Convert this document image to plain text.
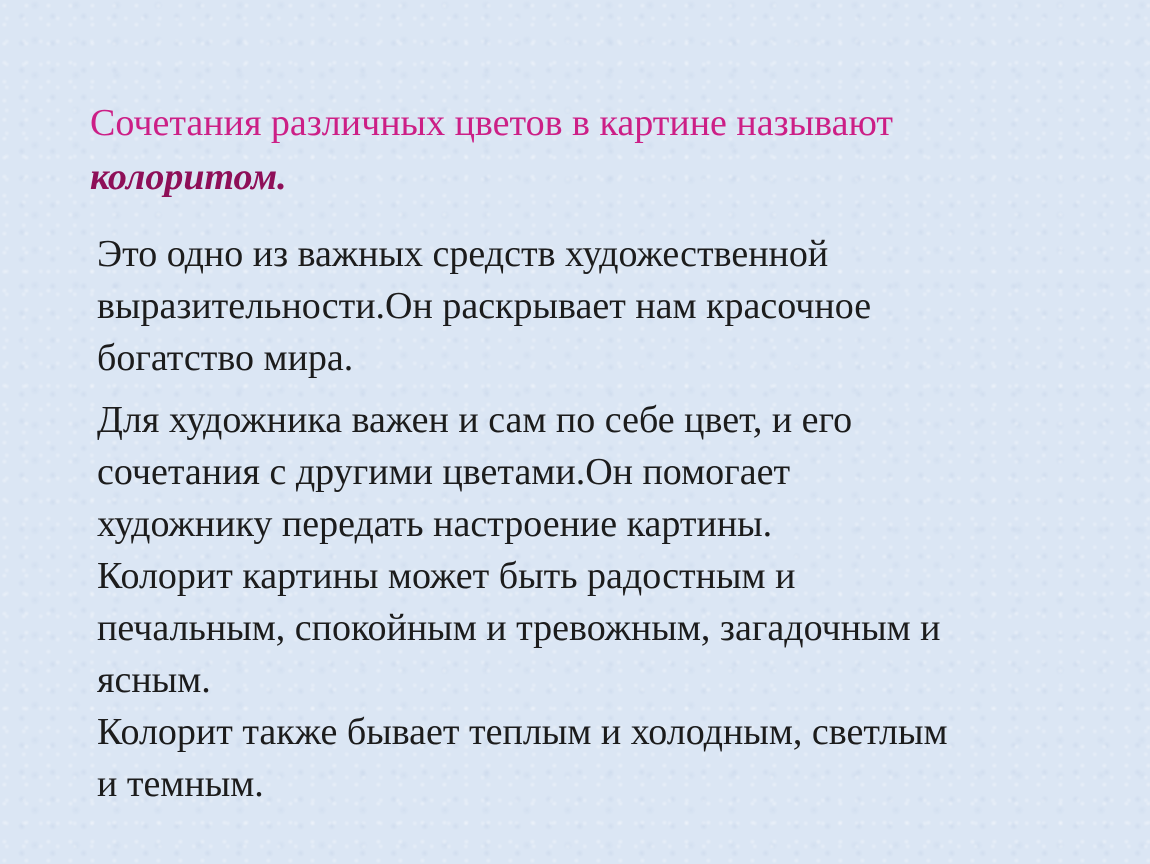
Сочетания различных цветов в картине называют
колоритом.

Это одно из важных средств художественной
выразительности.Он раскрывает нам красочное
богатство мира.

Для художника важен и сам по себе цвет, и его
сочетания с другими цветами.Он помогает
художнику передать настроение картины.
Колорит картины может быть радостным и
печальным, спокойным и тревожным, загадочным и
ясным.
Колорит также бывает теплым и холодным, светлым
и темным.
